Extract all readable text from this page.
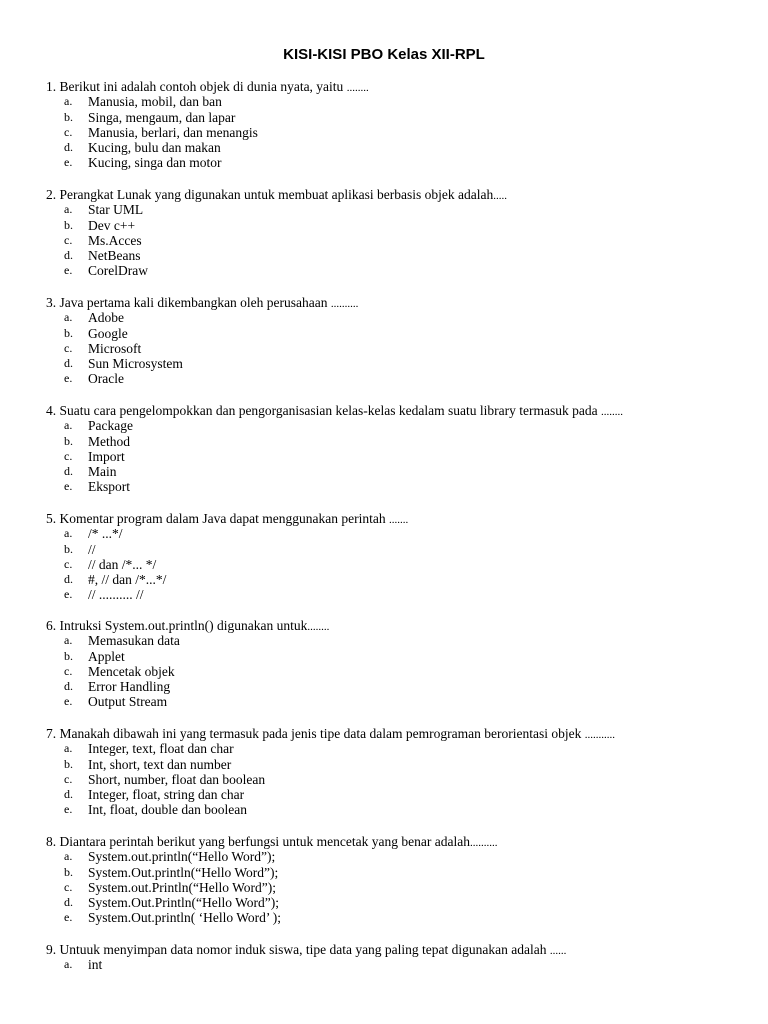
KISI-KISI PBO Kelas XII-RPL
1. Berikut ini adalah contoh objek di dunia nyata, yaitu ........
a. Manusia, mobil, dan ban
b. Singa, mengaum, dan lapar
c. Manusia, berlari, dan menangis
d. Kucing, bulu dan makan
e. Kucing, singa dan motor
2. Perangkat Lunak yang digunakan untuk membuat aplikasi berbasis objek adalah.....
a. Star UML
b. Dev c++
c. Ms.Acces
d. NetBeans
e. CorelDraw
3. Java pertama kali dikembangkan oleh perusahaan ..........
a. Adobe
b. Google
c. Microsoft
d. Sun Microsystem
e. Oracle
4. Suatu cara pengelompokkan dan pengorganisasian kelas-kelas kedalam suatu library termasuk pada ........
a. Package
b. Method
c. Import
d. Main
e. Eksport
5. Komentar program dalam Java dapat menggunakan perintah .......
a. /* ...*/
b. //
c. // dan /*... */
d. #, // dan /*...*/
e. // .......... //
6. Intruksi System.out.println() digunakan untuk........
a. Memasukan data
b. Applet
c. Mencetak objek
d. Error Handling
e. Output Stream
7. Manakah dibawah ini yang termasuk pada jenis tipe data dalam pemrograman berorientasi objek ...........
a. Integer, text, float dan char
b. Int, short, text dan number
c. Short, number, float dan boolean
d. Integer, float, string dan char
e. Int, float, double dan boolean
8. Diantara perintah berikut yang berfungsi untuk mencetak yang benar adalah..........
a. System.out.println(“Hello Word”);
b. System.Out.println(“Hello Word”);
c. System.out.Println(“Hello Word”);
d. System.Out.Println(“Hello Word”);
e. System.Out.println( ‘Hello Word’ );
9. Untuuk menyimpan data nomor induk siswa, tipe data yang paling tepat digunakan adalah ......
a. int
